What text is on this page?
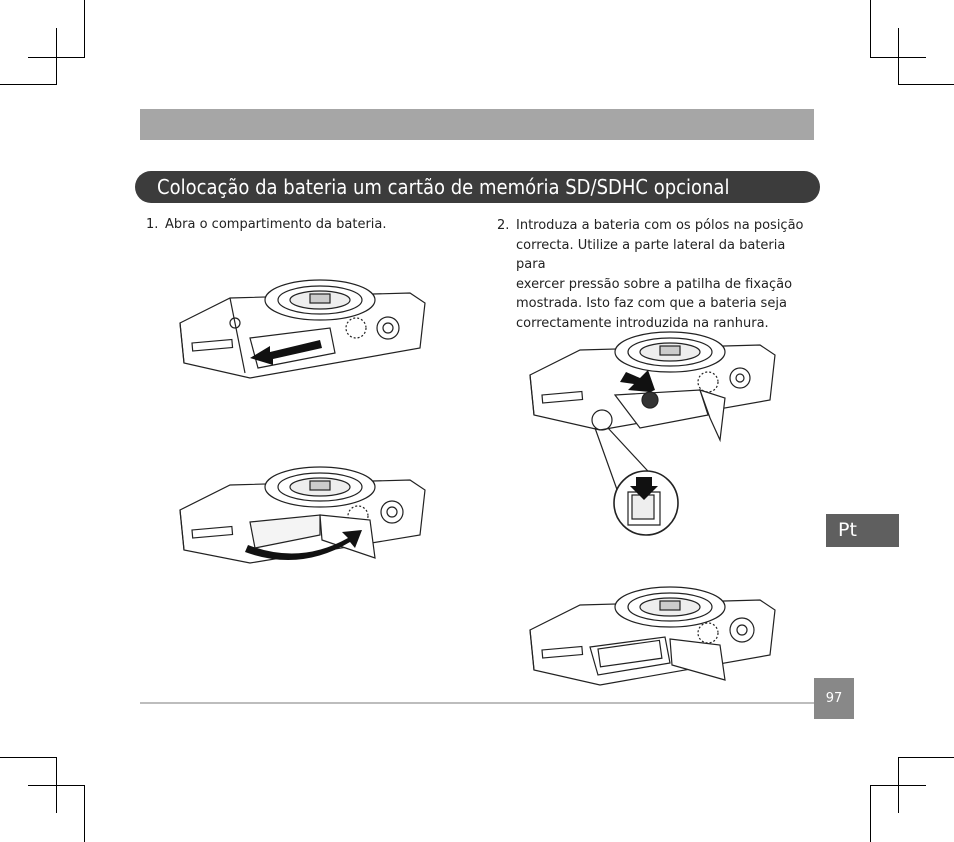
Colocação da bateria um cartão de memória SD/SDHC opcional
1. Abra o compartimento da bateria.	2. Introduza a bateria com os pólos na posição
correcta. Utilize a parte lateral da bateria para
exercer pressão sobre a patilha de fixação
mostrada. Isto faz com que a bateria seja
correctamente introduzida na ranhura.
Pt
97
